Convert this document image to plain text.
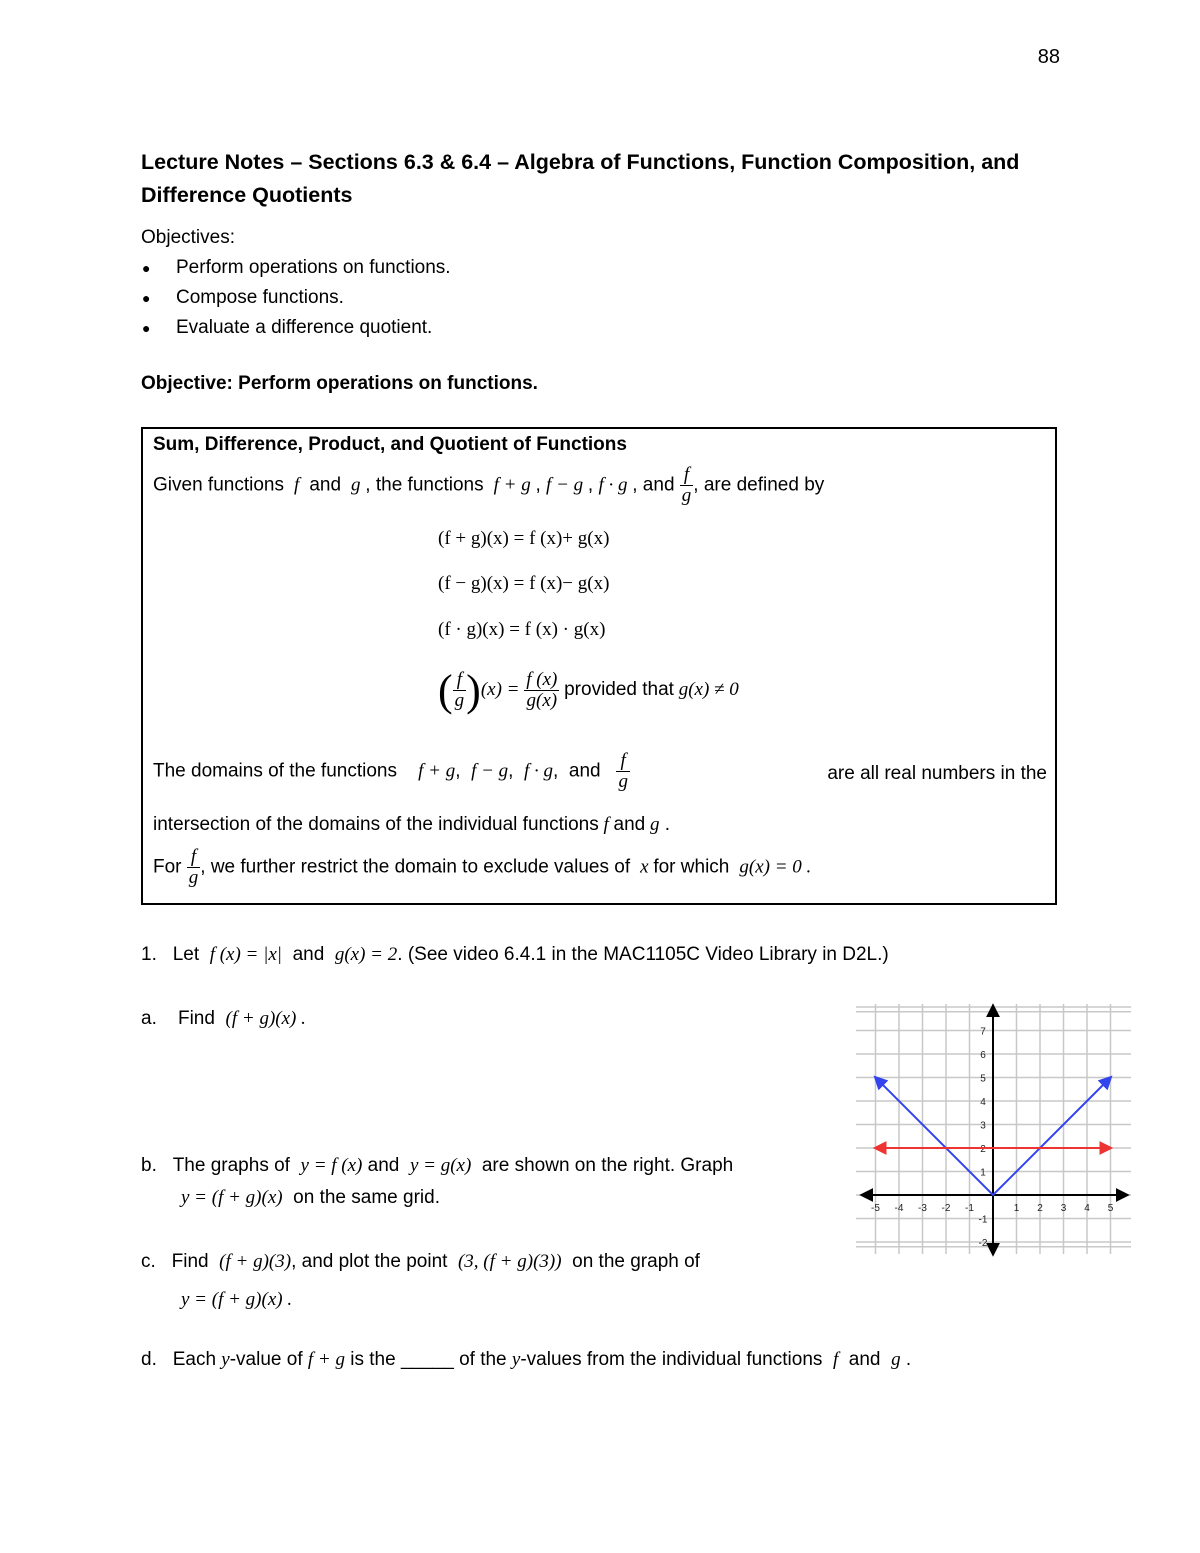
88
Lecture Notes – Sections 6.3 & 6.4 – Algebra of Functions, Function Composition, and Difference Quotients
Objectives:
● Perform operations on functions.
● Compose functions.
● Evaluate a difference quotient.
Objective: Perform operations on functions.
Sum, Difference, Product, and Quotient of Functions
Given functions  f  and  g , the functions  f + g , f − g , f · g , and $\frac{f}{g}$ , are defined by
(f + g)(x) = f (x)+ g(x)
(f − g)(x) = f (x)− g(x)
(f · g)(x) = f (x) · g(x)
( $\frac{f}{g} )(x) = \frac{f (x)}{g(x)}$ provided that g(x) ≠ 0
The domains of the functions f + g,  f − g,  f · g,  and $\frac{f}{g}$
	are all real numbers in the
intersection of the domains of the individual functions f and g .
For $\frac{f}{g}$ , we further restrict the domain to exclude values of  x for which g(x) = 0 .
1. Let f (x) = |x| and g(x) = 2. (See video 6.4.1 in the MAC1105C Video Library in D2L.)
a. Find (f + g)(x) .
b. The graphs of y = f (x) and y = g(x) are shown on the right. Graph
y = (f + g)(x) on the same grid.
c. Find (f + g)(3), and plot the point (3, (f + g)(3)) on the graph of
y = (f + g)(x) .
d. Each y-value of f + g is the _____ of the y-values from the individual functions f and g .
-5 -4 -3 -2 -1	1 2 3 4 5
-2
-1
1
2
3
4
5
6
7
